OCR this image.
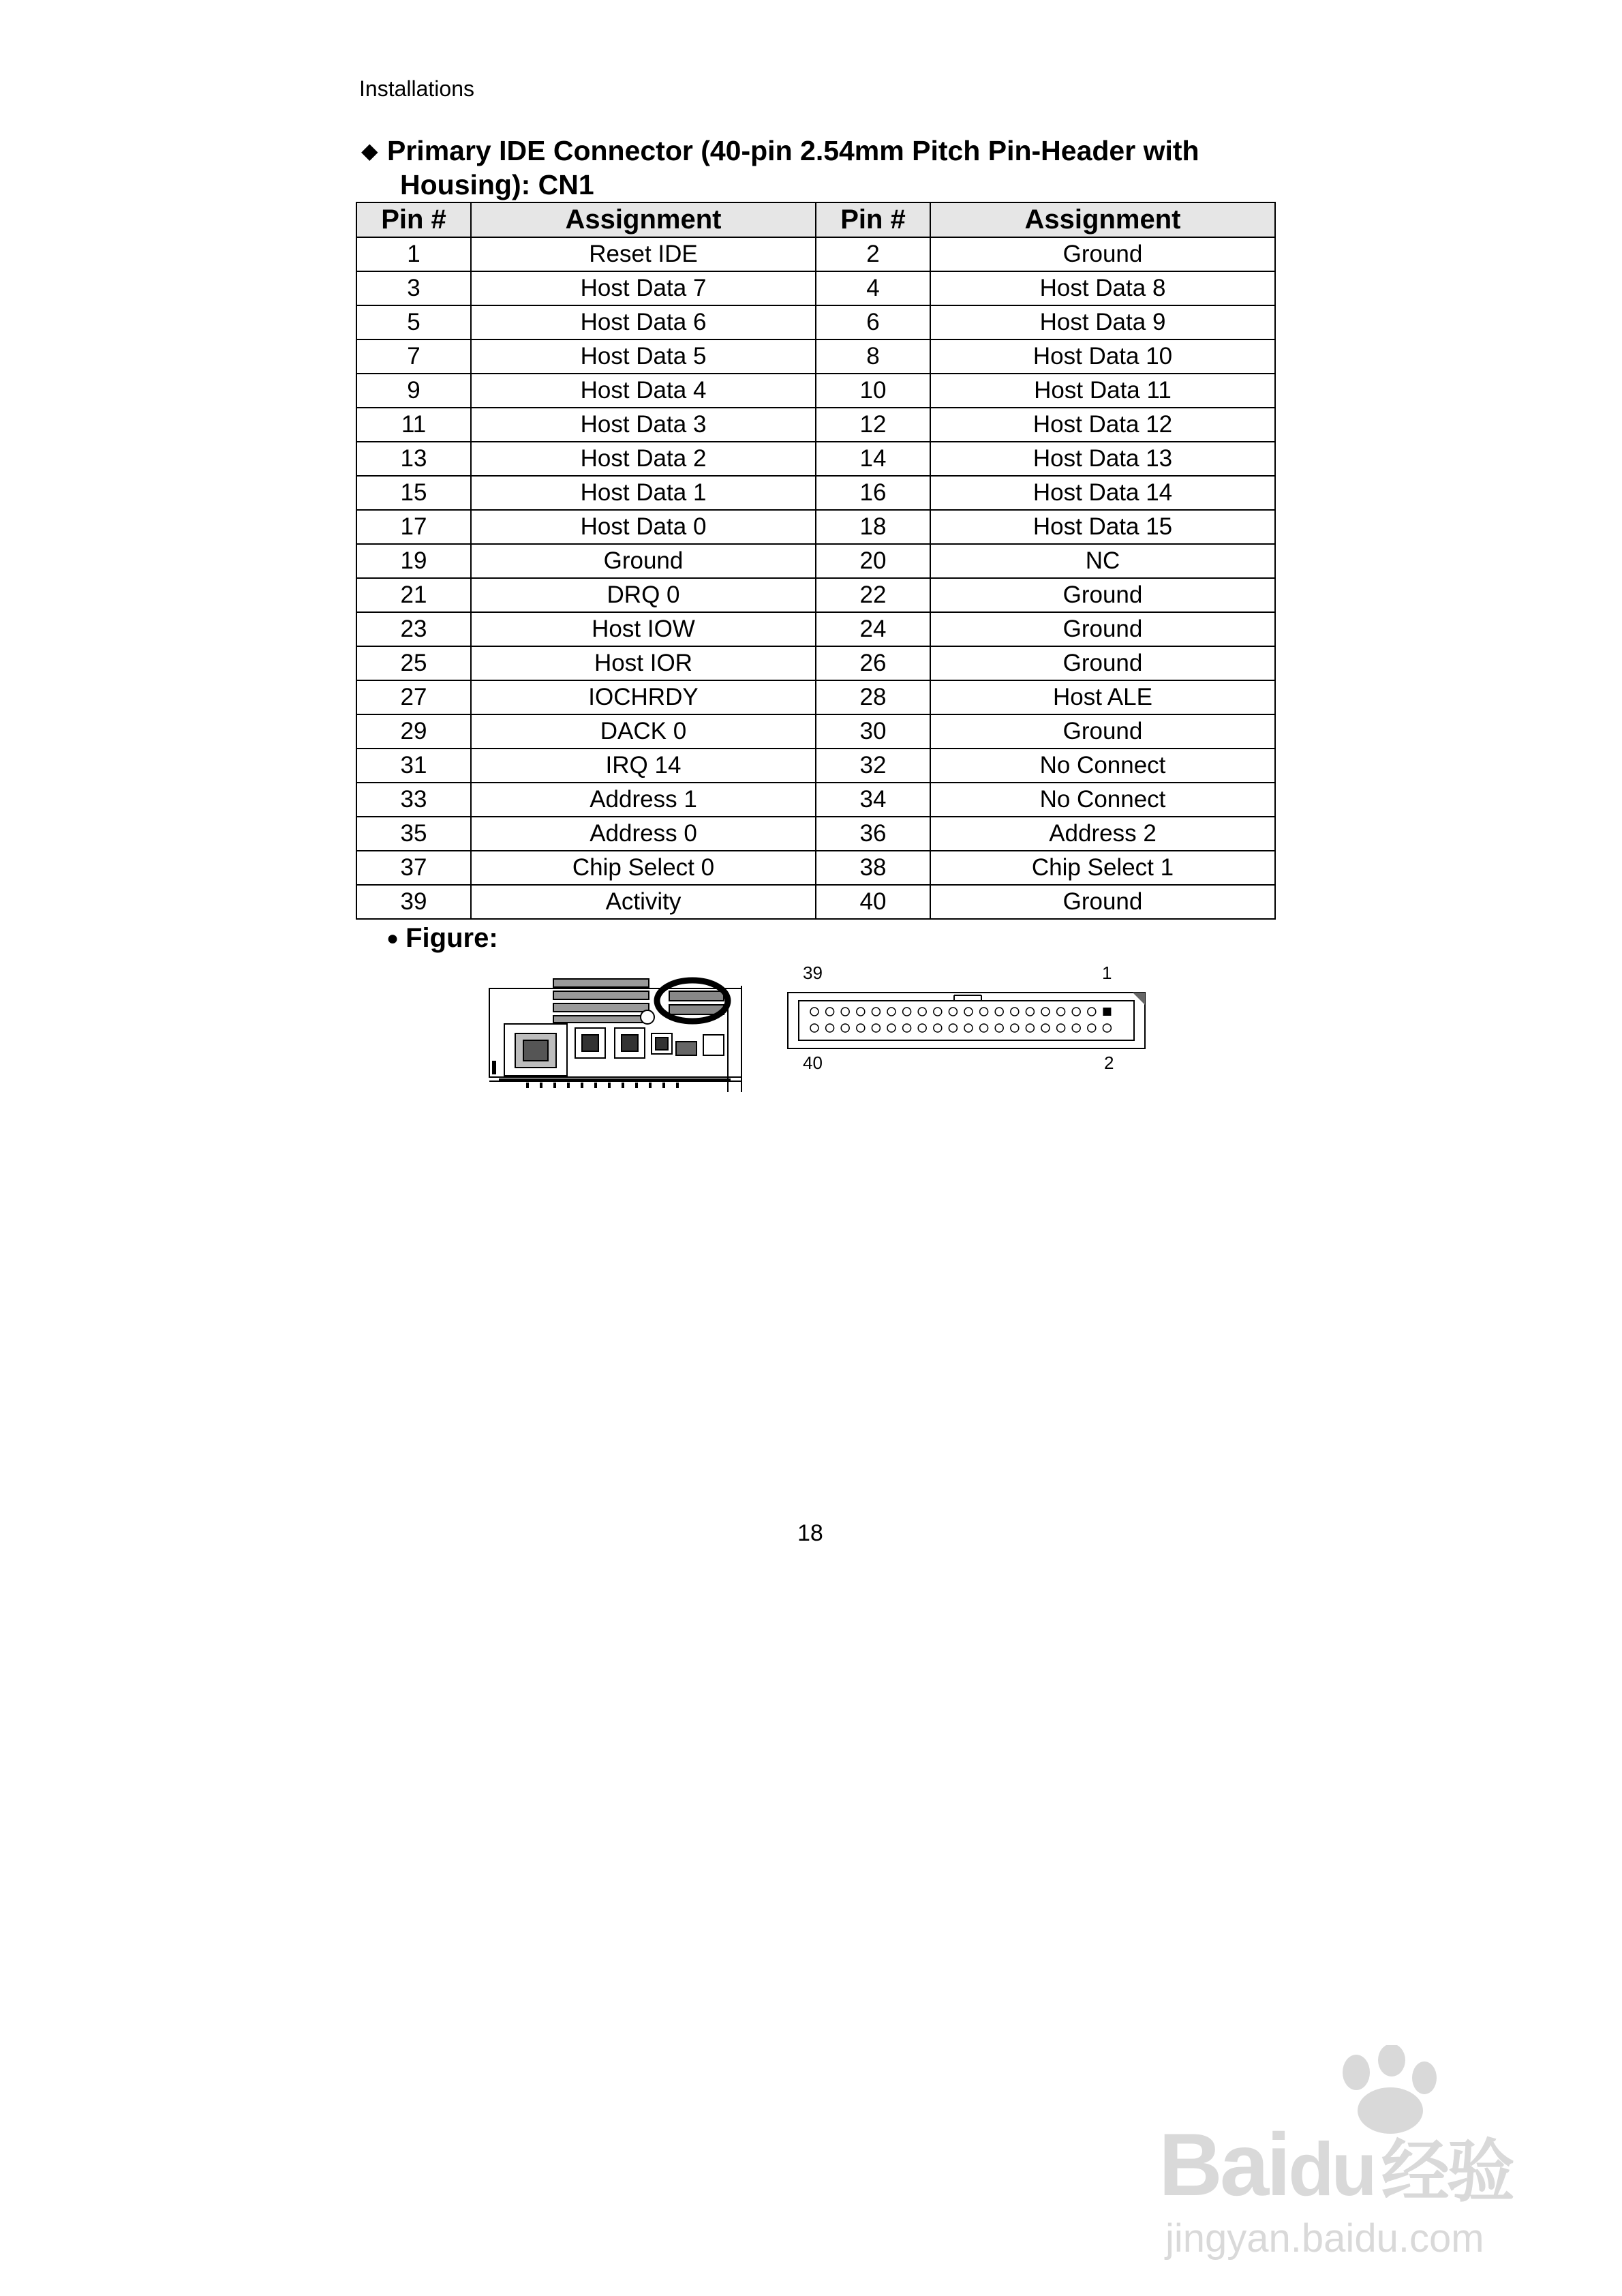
Installations
◆ Primary IDE Connector (40-pin 2.54mm Pitch Pin-Header with
Housing): CN1
Pin #	Assignment	Pin #	Assignment
1	Reset IDE	2	Ground
3	Host Data 7	4	Host Data 8
5	Host Data 6	6	Host Data 9
7	Host Data 5	8	Host Data 10
9	Host Data 4	10	Host Data 11
11	Host Data 3	12	Host Data 12
13	Host Data 2	14	Host Data 13
15	Host Data 1	16	Host Data 14
17	Host Data 0	18	Host Data 15
19	Ground	20	NC
21	DRQ 0	22	Ground
23	Host IOW	24	Ground
25	Host IOR	26	Ground
27	IOCHRDY	28	Host ALE
29	DACK 0	30	Ground
31	IRQ 14	32	No Connect
33	Address 1	34	No Connect
35	Address 0	36	Address 2
37	Chip Select 0	38	Chip Select 1
39	Activity	40	Ground
● Figure:
39	1
40	2
18
Baidu 经验
jingyan.baidu.com
